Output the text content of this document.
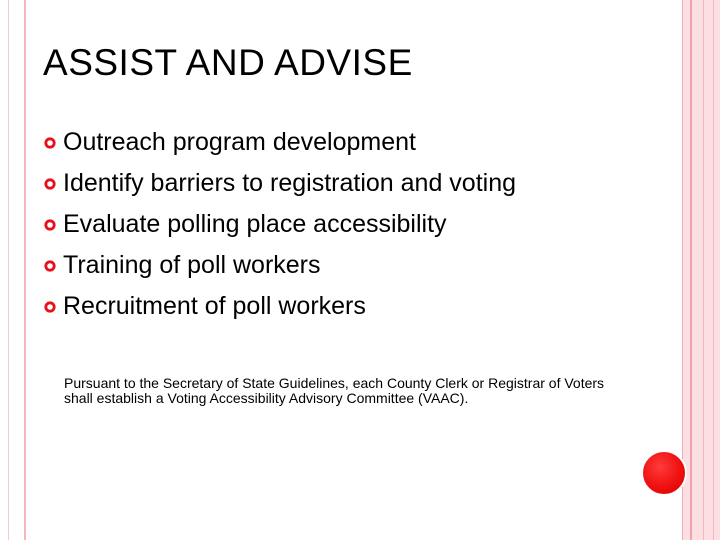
ASSIST AND ADVISE
Outreach program development
Identify barriers to registration and voting
Evaluate polling place accessibility
Training of poll workers
Recruitment of poll workers

Pursuant to the Secretary of State Guidelines, each County Clerk or Registrar of Voters shall establish a Voting Accessibility Advisory Committee (VAAC).
